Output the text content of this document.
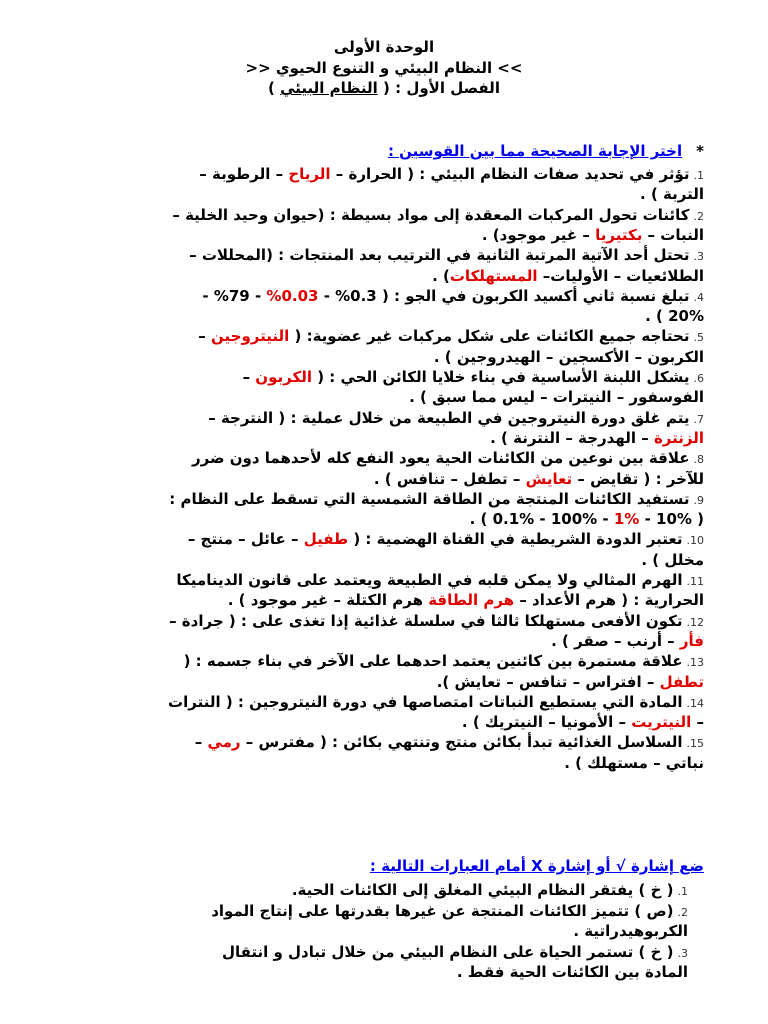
الوحدة الأولى
>> النظام البيئي و التنوع الحيوي <<
الفصل الأول : ( النظام البيئي )
*اختر الإجابة الصحيحة مما بين القوسين :
1.تؤثر في تحديد صفات النظام البيئي : ( الحرارة – الرياح – الرطوبة –
التربة ) .
2.كائنات تحول المركبات المعقدة إلى مواد بسيطة : (حيوان وحيد الخلية –
النبات – بكتيريا – غير موجود) .
3.تحتل أحد الآتية المرتبة الثانية في الترتيب بعد المنتجات : (المحللات –
الطلائعيات – الأوليات– المستهلكات) .
4.تبلغ نسبة ثاني أكسيد الكربون في الجو : ( 0.3% - 0.03% - 79% -
20% ) .
5.تحتاجه جميع الكائنات على شكل مركبات غير عضوية: ( النيتروجين –
الكربون – الأكسجين – الهيدروجين ) .
6.يشكل اللبنة الأساسية في بناء خلايا الكائن الحي : ( الكربون –
الفوسفور – النيترات – ليس مما سبق ) .
7.يتم غلق دورة النيتروجين في الطبيعة من خلال عملية : ( النترجة –
الزنترة – الهدرجة – النترنة ) .
8.علاقة بين نوعين من الكائنات الحية يعود النفع كله لأحدهما دون ضرر
للآخر : ( تقايض – تعايش – تطفل – تنافس ) .
9.تستفيد الكائنات المنتجة من الطاقة الشمسية التي تسقط على النظام :
( 10% - 1% - 100% - 0.1% ) .
10.تعتبر الدودة الشريطية في القناة الهضمية : ( طفيل – عائل – منتج –
مخلل ) .
11.الهرم المثالي ولا يمكن قلبه في الطبيعة ويعتمد على قانون الديناميكا
الحرارية : ( هرم الأعداد – هرم الطاقة هرم الكتلة – غير موجود ) .
12.تكون الأفعى مستهلكا ثالثا في سلسلة غذائية إذا تغذى على : ( جرادة –
فأر – أرنب – صقر ) .
13.علاقة مستمرة بين كائنين يعتمد احدهما على الآخر في بناء جسمه : (
تطفل – افتراس – تنافس – تعايش ).
14.المادة التي يستطيع النباتات امتصاصها في دورة النيتروجين : ( النترات
– النيتريت – الأمونيا – النيتريك ) .
15.السلاسل الغذائية تبدأ بكائن منتج وتنتهي بكائن : ( مفترس – رمي –
نباتي – مستهلك ) .
ضع إشارة √ أو إشارة X أمام العبارات التالية :
1.( خ ) يفتقر النظام البيئي المغلق إلى الكائنات الحية.
2.(ص ) تتميز الكائنات المنتجة عن غيرها بقدرتها على إنتاج المواد
الكربوهيدراتية .
3.( خ ) تستمر الحياة على النظام البيئي من خلال تبادل و انتقال
المادة بين الكائنات الحية فقط .
